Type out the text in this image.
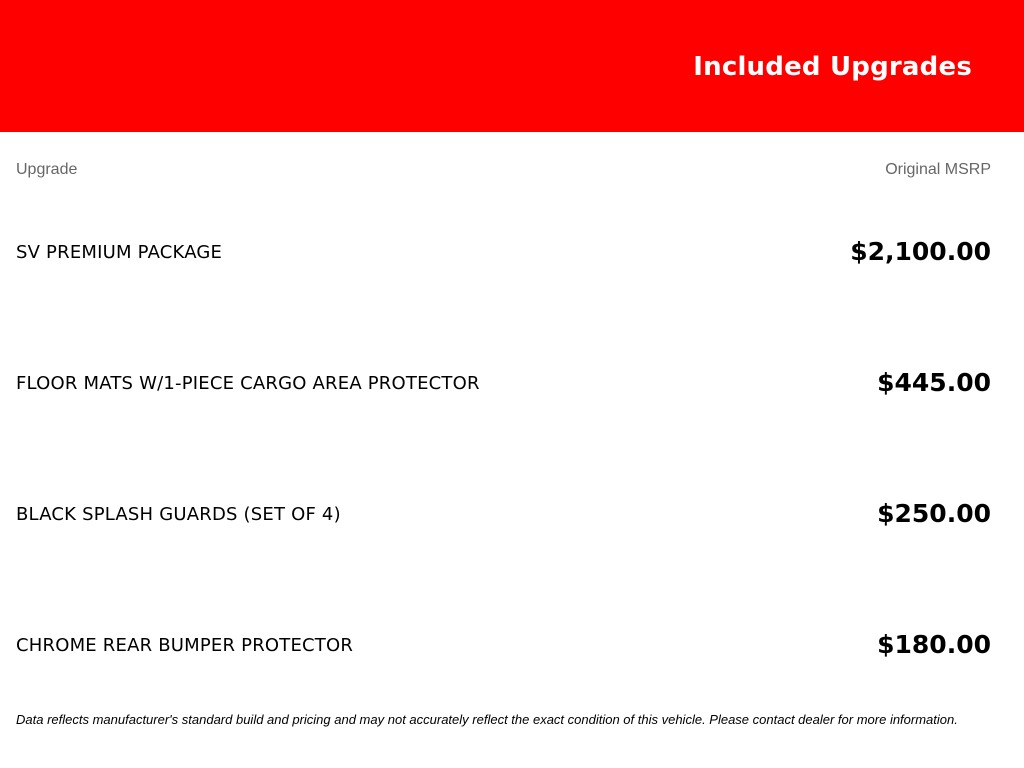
Included Upgrades
Upgrade	Original MSRP
SV PREMIUM PACKAGE	$2,100.00
FLOOR MATS W/1-PIECE CARGO AREA PROTECTOR	$445.00
BLACK SPLASH GUARDS (SET OF 4)	$250.00
CHROME REAR BUMPER PROTECTOR	$180.00
Data reflects manufacturer's standard build and pricing and may not accurately reflect the exact condition of this vehicle. Please contact dealer for more information.
